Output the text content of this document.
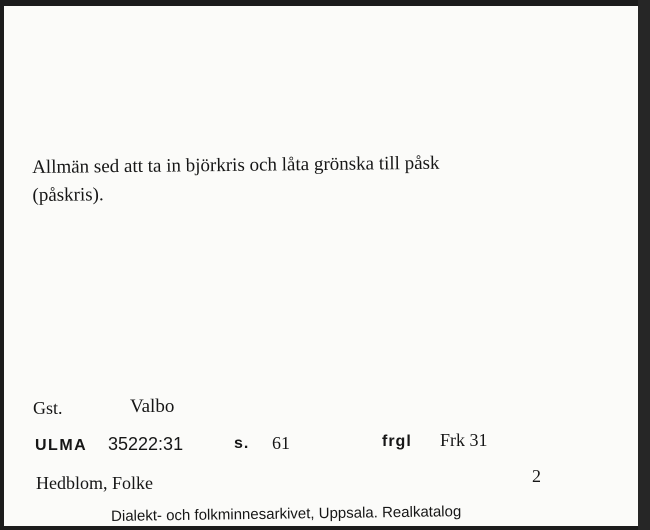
Allmän sed att ta in björkris och låta grönska till påsk
(påskris).
Gst.	Valbo
ULMA 35222:31	s. 61	frgl Frk 31
Hedblom, Folke	2
Dialekt- och folkminnesarkivet, Uppsala. Realkatalog
